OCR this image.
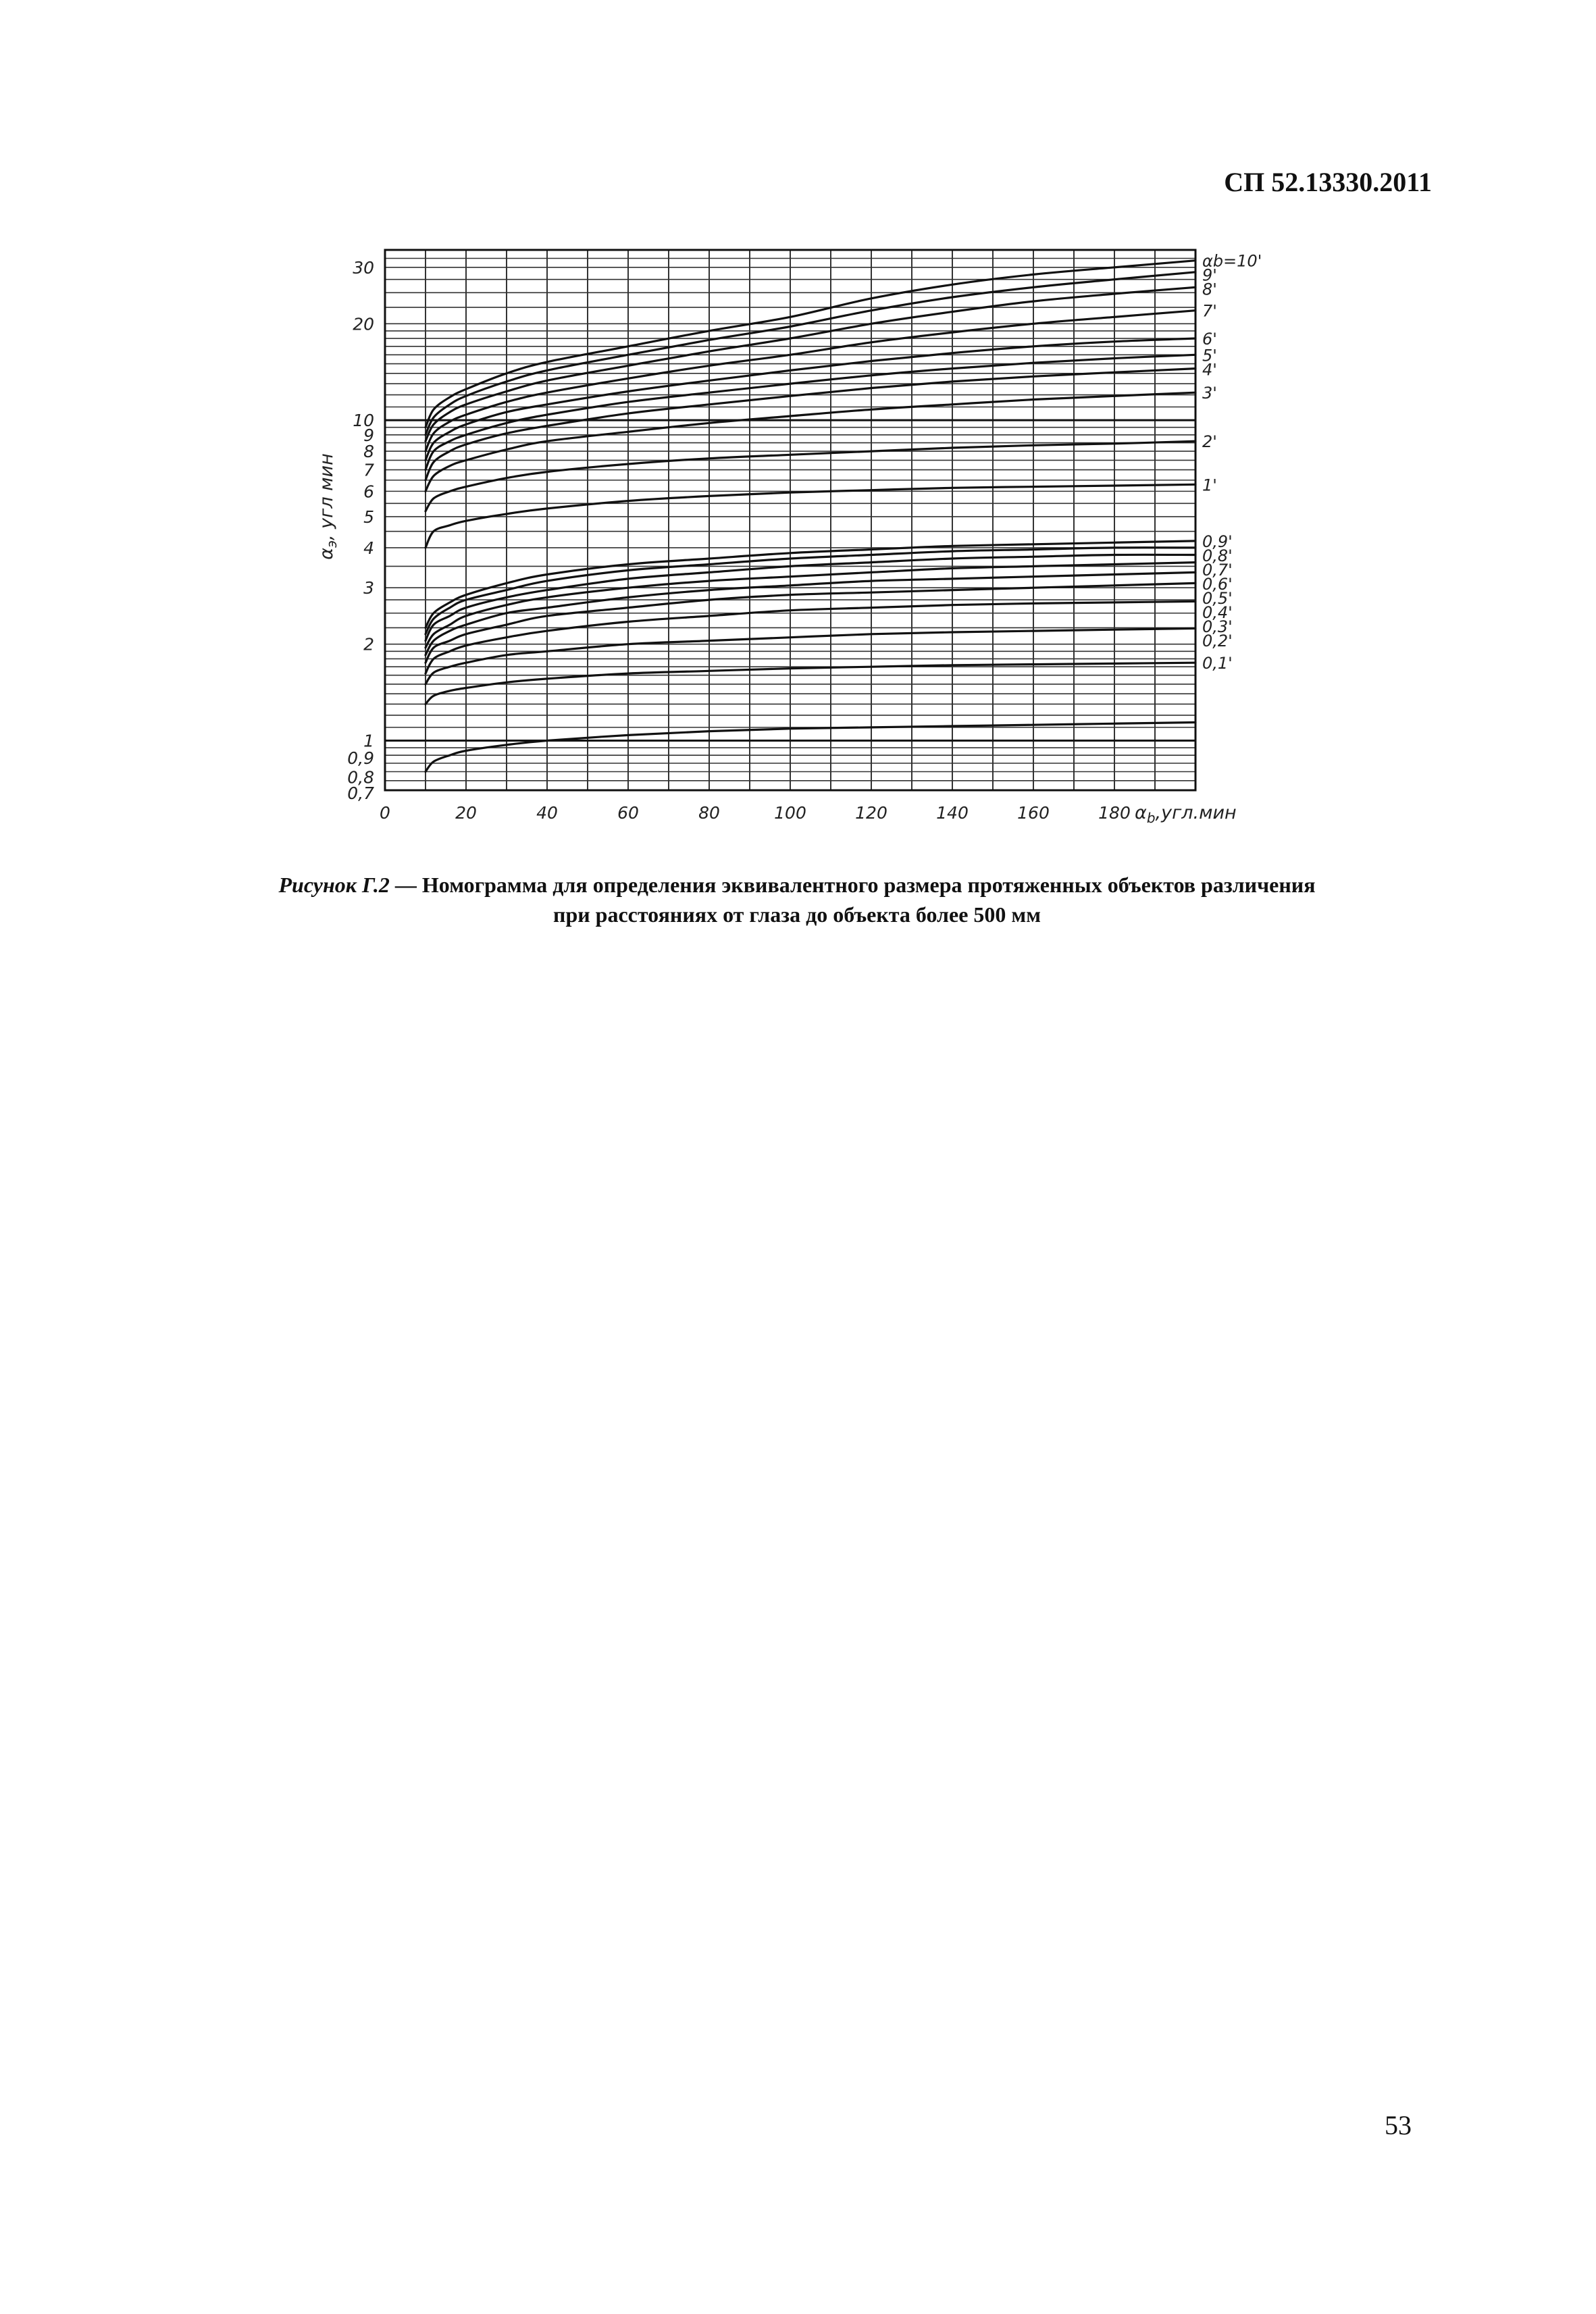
СП 52.13330.2011
0	20	40	60	80	100	120	140	160	180
0,7
0,8
0,9
1
2
3
4
5
6
7
8
9
10
20
30	αb=10'
9'
8'
7'
6'
5'
4'
3'
2'
1'
0,9'
0,8'
0,7'
0,6'
0,5'
0,4'
0,3'
0,2'
0,1'
$\alpha_э$, угл мин
$\alpha_b,угл.мин$
Рисунок Г.2 — Номограмма для определения эквивалентного размера протяженных объектов различения
при расстояниях от глаза до объекта более 500 мм
53
